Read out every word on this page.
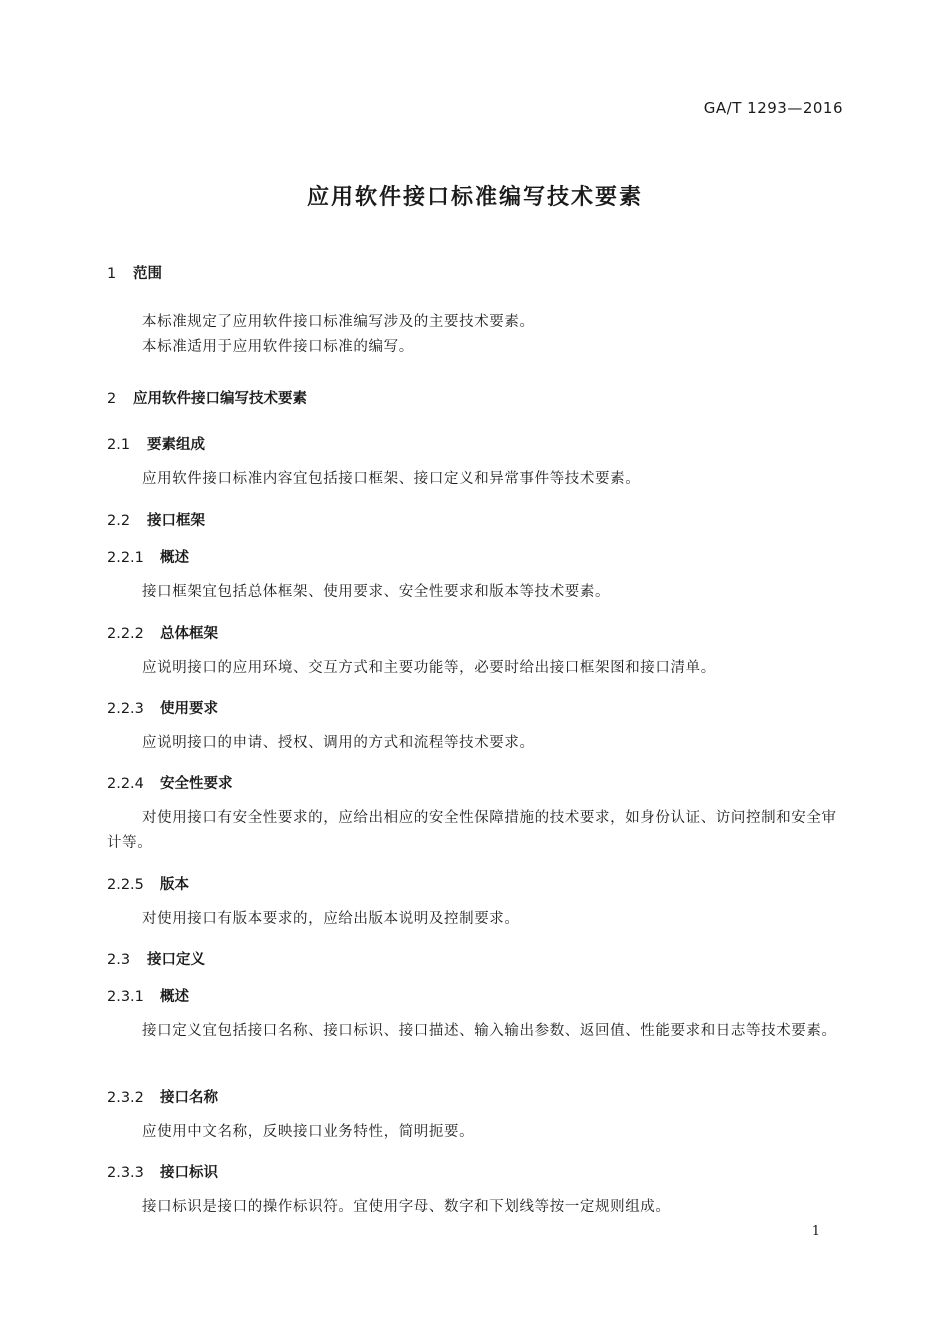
GA/T 1293—2016
应用软件接口标准编写技术要素
1 范围
本标准规定了应用软件接口标准编写涉及的主要技术要素。
本标准适用于应用软件接口标准的编写。
2 应用软件接口编写技术要素
2.1 要素组成
应用软件接口标准内容宜包括接口框架、接口定义和异常事件等技术要素。
2.2 接口框架
2.2.1 概述
接口框架宜包括总体框架、使用要求、安全性要求和版本等技术要素。
2.2.2 总体框架
应说明接口的应用环境、交互方式和主要功能等，必要时给出接口框架图和接口清单。
2.2.3 使用要求
应说明接口的申请、授权、调用的方式和流程等技术要求。
2.2.4 安全性要求
对使用接口有安全性要求的，应给出相应的安全性保障措施的技术要求，如身份认证、访问控制和安全审计等。
2.2.5 版本
对使用接口有版本要求的，应给出版本说明及控制要求。
2.3 接口定义
2.3.1 概述
接口定义宜包括接口名称、接口标识、接口描述、输入输出参数、返回值、性能要求和日志等技术要素。
2.3.2 接口名称
应使用中文名称，反映接口业务特性，简明扼要。
2.3.3 接口标识
接口标识是接口的操作标识符。宜使用字母、数字和下划线等按一定规则组成。
1
